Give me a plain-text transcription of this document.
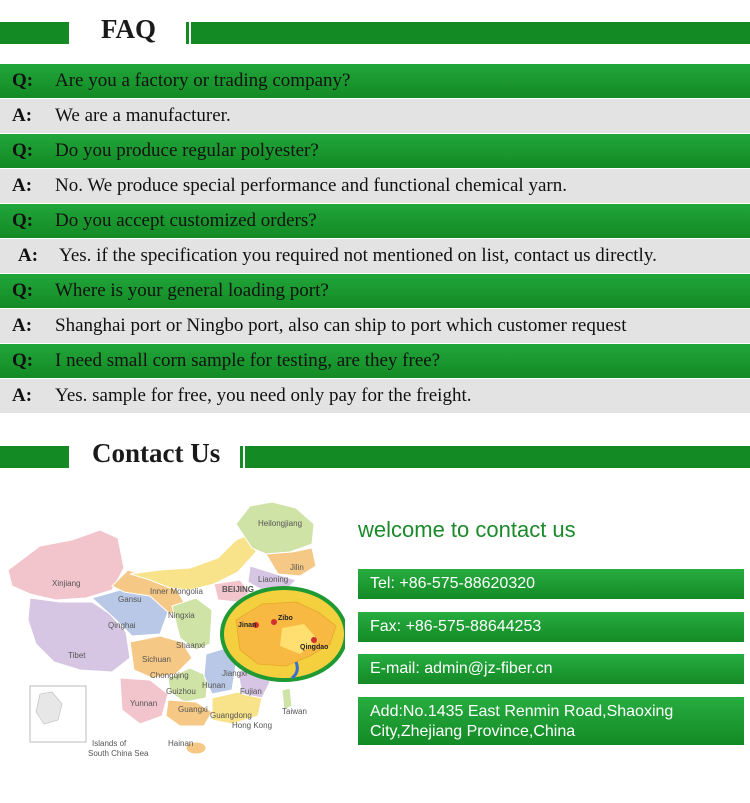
FAQ
Q: Are you a factory or trading company?
A: We are a manufacturer.
Q: Do you produce regular polyester?
A: No. We produce special performance and functional chemical yarn.
Q: Do you accept customized orders?
A: Yes. if the specification you required not mentioned on list, contact us directly.
Q: Where is your general loading port?
A: Shanghai port or Ningbo port, also can ship to port which customer request
Q: I need small corn sample for testing, are they free?
A: Yes. sample for free, you need only pay for the freight.
Contact Us
Jinan
Zibo
Qingdao
Heilongjiang
Jilin
Liaoning
BEIJING
Xinjiang
Gansu
Inner Mongolia
Ningxia
Qinghai
Shaanxi
Tibet	Sichuan
Chongqing
Guizhou
Hunan
Yunnan
Guangxi
Guangdong
Fujian
Jiangxi
Taiwan
Hong Kong
Hainan
Islands of
South China Sea
welcome to contact us
Tel: +86-575-88620320
Fax: +86-575-88644253
E-mail: admin@jz-fiber.cn
Add:No.1435 East Renmin Road,Shaoxing
City,Zhejiang Province,China
